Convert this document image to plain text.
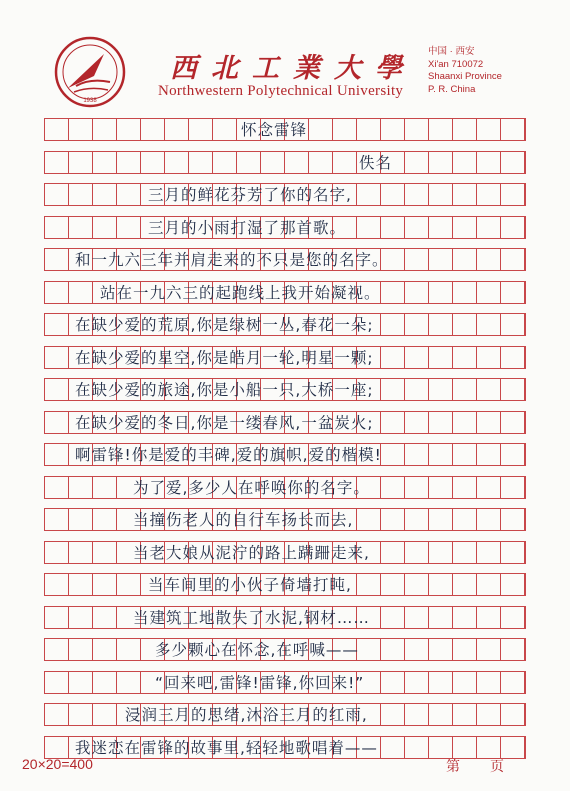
1938
西北工業大學
Northwestern Polytechnical University
中国 · 西安
Xi'an 710072
Shaanxi Province
P. R. China
怀念雷锋
佚名
三月的鲜花芬芳了你的名字,
三月的小雨打湿了那首歌。
和一九六三年并肩走来的不只是您的名字。
站在一九六三的起跑线上我开始凝视。
在缺少爱的荒原,你是绿树一丛,春花一朵;
在缺少爱的星空,你是皓月一轮,明星一颗;
在缺少爱的旅途,你是小船一只,大桥一座;
在缺少爱的冬日,你是一缕春风,一盆炭火;
啊雷锋!你是爱的丰碑,爱的旗帜,爱的楷模!
为了爱,多少人在呼唤你的名字。
当撞伤老人的自行车扬长而去,
当老大娘从泥泞的路上蹒跚走来,
当车间里的小伙子倚墙打盹,
当建筑工地散失了水泥,钢材……
多少颗心在怀念,在呼喊——
“回来吧,雷锋!雷锋,你回来!”
浸润三月的思绪,沐浴三月的红雨,
我迷恋在雷锋的故事里,轻轻地歌唱着——
20×20=400	第 页
